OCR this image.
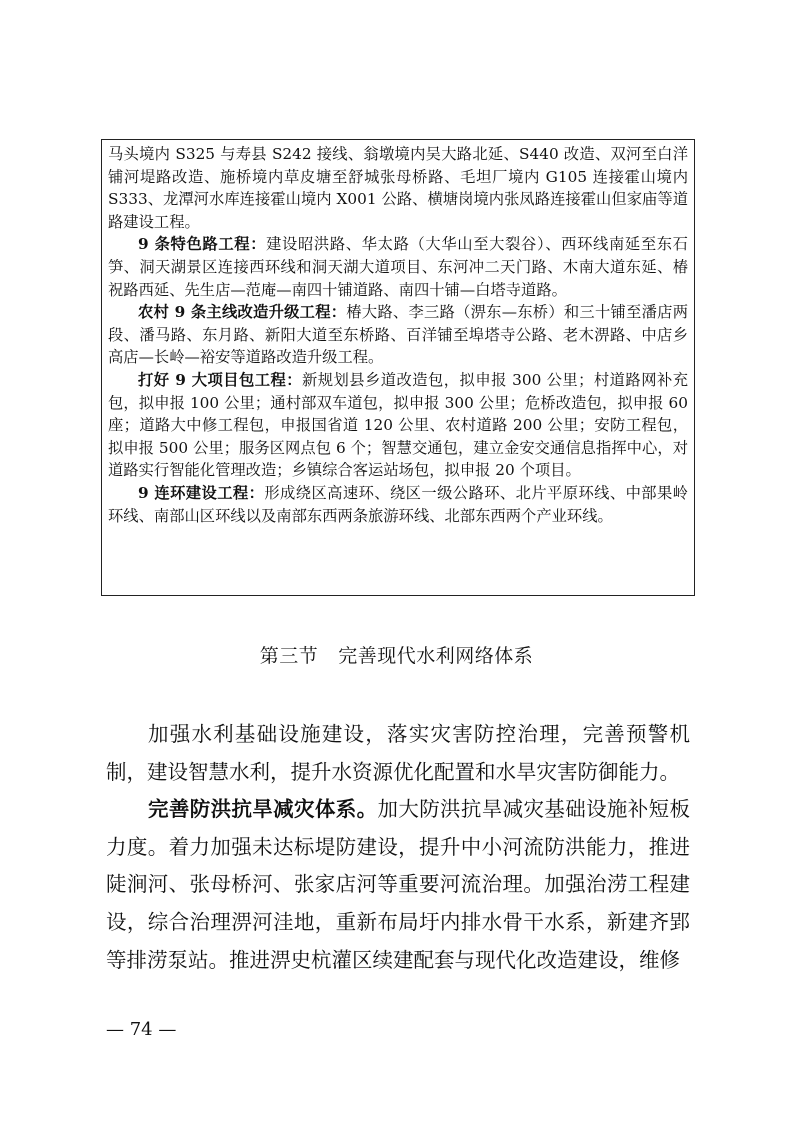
马头境内 S325 与寿县 S242 接线、翁墩境内吴大路北延、S440 改造、双河至白洋铺河堤路改造、施桥境内草皮塘至舒城张母桥路、毛坦厂境内 G105 连接霍山境内 S333、龙潭河水库连接霍山境内 X001 公路、横塘岗境内张凤路连接霍山但家庙等道路建设工程。

9 条特色路工程：建设昭洪路、华太路（大华山至大裂谷）、西环线南延至东石笋、洞天湖景区连接西环线和洞天湖大道项目、东河冲二天门路、木南大道东延、椿祝路西延、先生店—范庵—南四十铺道路、南四十铺—白塔寺道路。

农村 9 条主线改造升级工程：椿大路、李三路（淠东—东桥）和三十铺至潘店两段、潘马路、东月路、新阳大道至东桥路、百洋铺至埠塔寺公路、老木淠路、中店乡高店—长岭—裕安等道路改造升级工程。

打好 9 大项目包工程：新规划县乡道改造包，拟申报 300 公里；村道路网补充包，拟申报 100 公里；通村部双车道包，拟申报 300 公里；危桥改造包，拟申报 60 座；道路大中修工程包，申报国省道 120 公里、农村道路 200 公里；安防工程包，拟申报 500 公里；服务区网点包 6 个；智慧交通包，建立金安交通信息指挥中心，对道路实行智能化管理改造；乡镇综合客运站场包，拟申报 20 个项目。

9 连环建设工程：形成绕区高速环、绕区一级公路环、北片平原环线、中部果岭环线、南部山区环线以及南部东西两条旅游环线、北部东西两个产业环线。

第三节 完善现代水利网络体系

加强水利基础设施建设，落实灾害防控治理，完善预警机制，建设智慧水利，提升水资源优化配置和水旱灾害防御能力。

完善防洪抗旱减灾体系。加大防洪抗旱减灾基础设施补短板力度。着力加强未达标堤防建设，提升中小河流防洪能力，推进陡涧河、张母桥河、张家店河等重要河流治理。加强治涝工程建设，综合治理淠河洼地，重新布局圩内排水骨干水系，新建齐郢等排涝泵站。推进淠史杭灌区续建配套与现代化改造建设，维修

— 74 —
